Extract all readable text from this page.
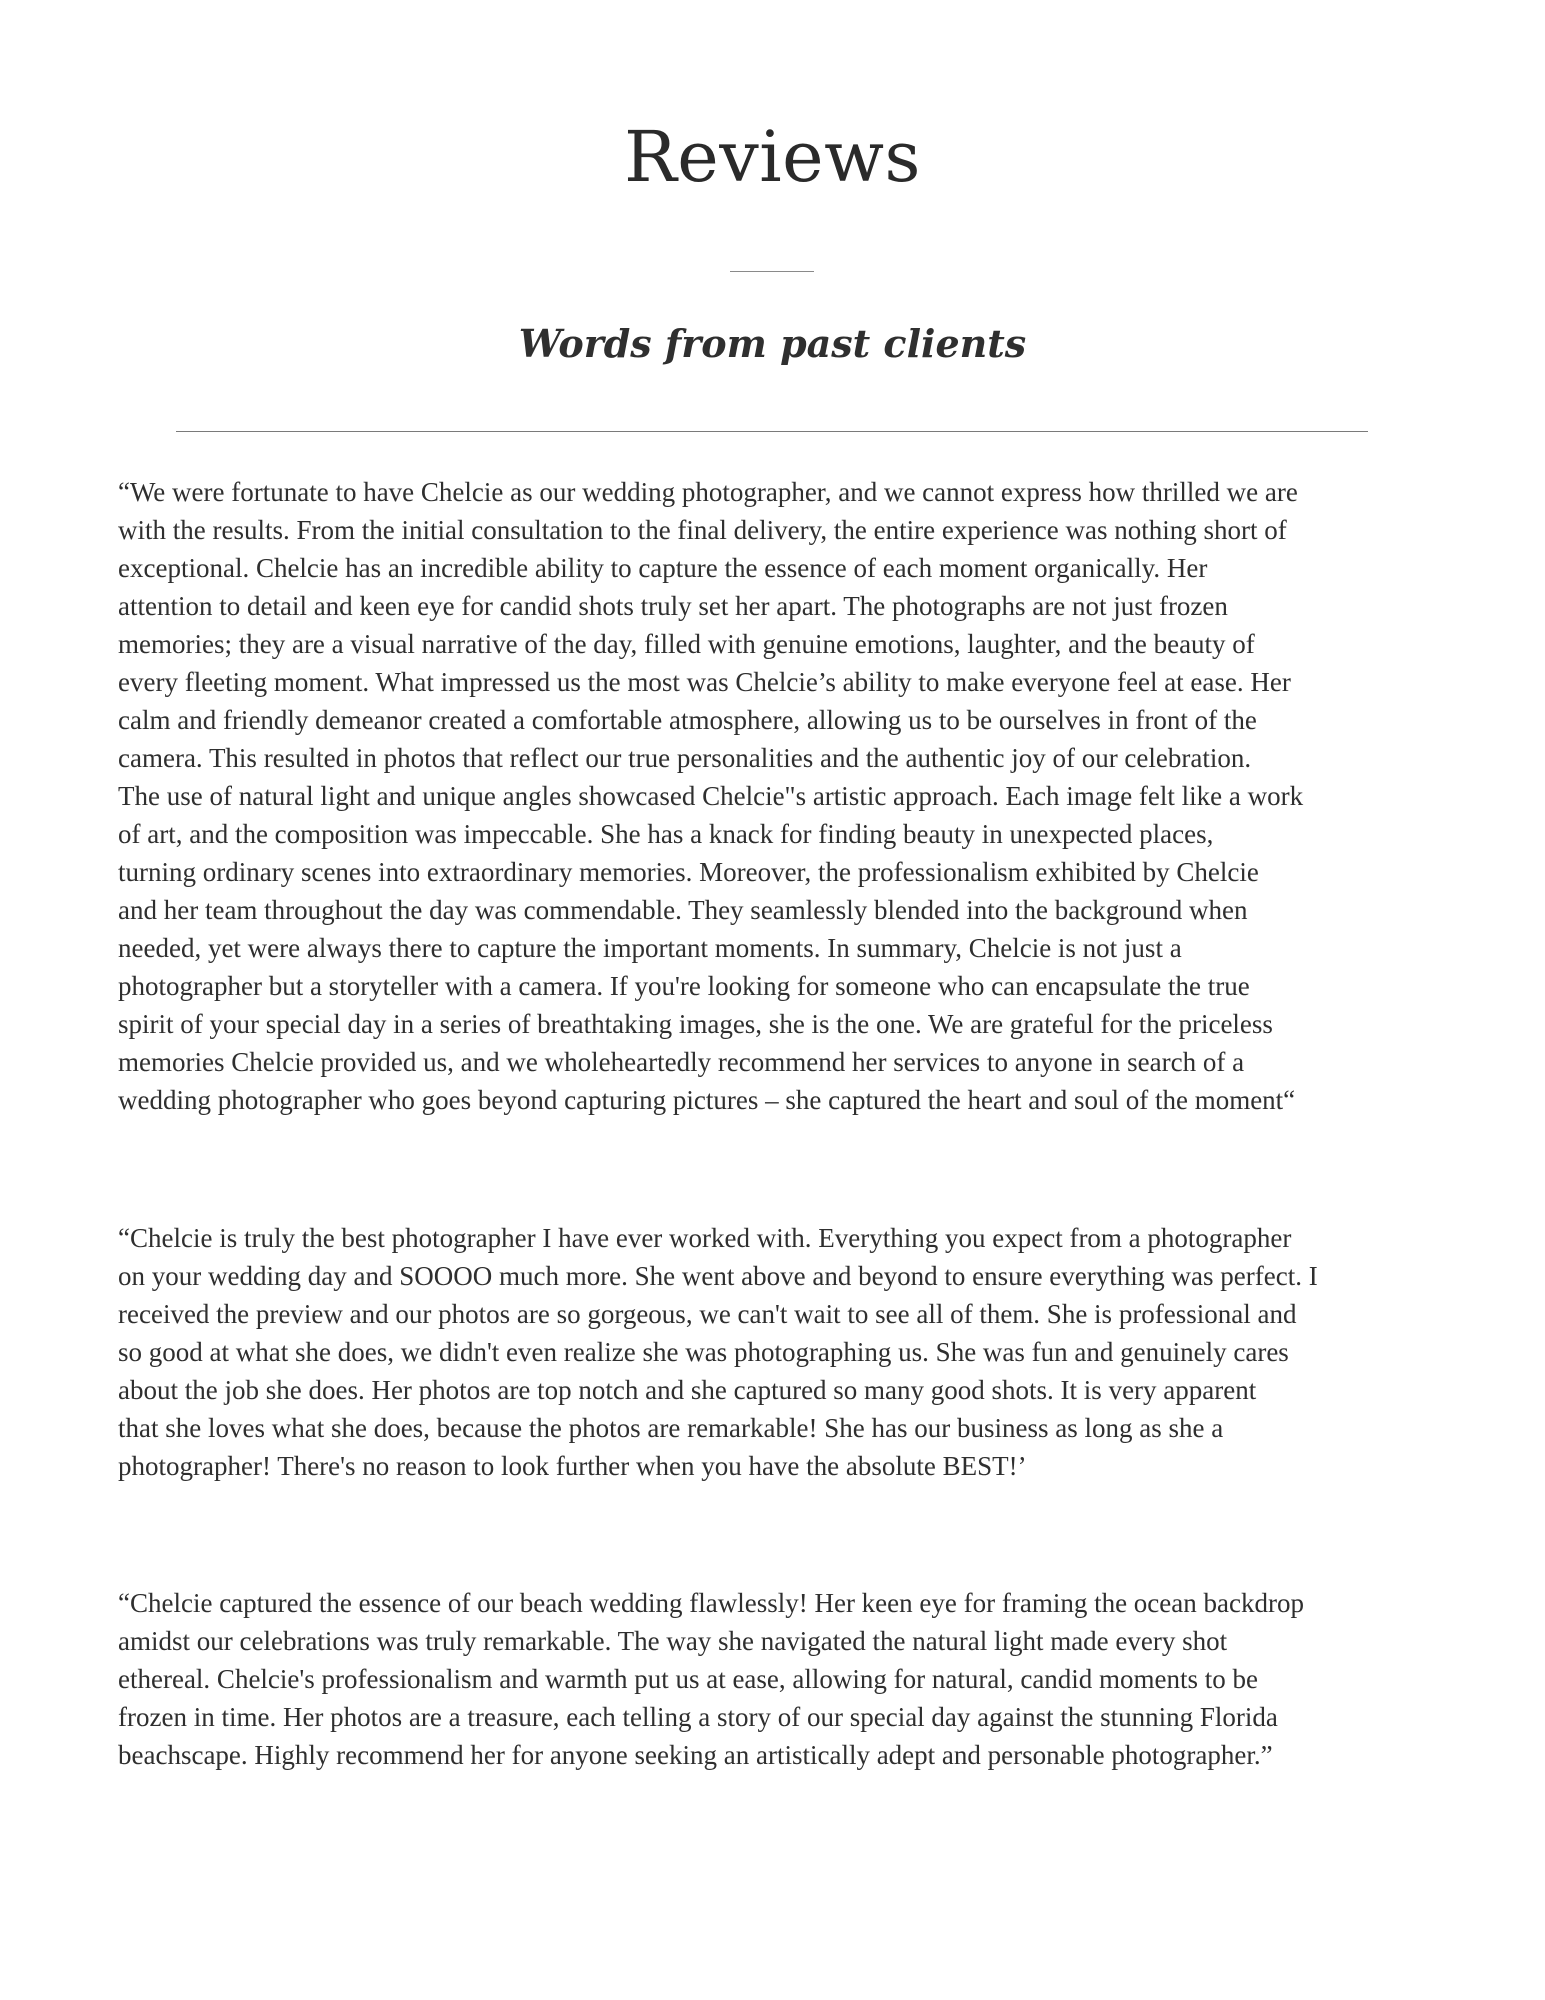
Reviews
Words from past clients

“We were fortunate to have Chelcie as our wedding photographer, and we cannot express how thrilled we are
with the results. From the initial consultation to the final delivery, the entire experience was nothing short of
exceptional. Chelcie has an incredible ability to capture the essence of each moment organically. Her
attention to detail and keen eye for candid shots truly set her apart. The photographs are not just frozen
memories; they are a visual narrative of the day, filled with genuine emotions, laughter, and the beauty of
every fleeting moment. What impressed us the most was Chelcie’s ability to make everyone feel at ease. Her
calm and friendly demeanor created a comfortable atmosphere, allowing us to be ourselves in front of the
camera. This resulted in photos that reflect our true personalities and the authentic joy of our celebration.
The use of natural light and unique angles showcased Chelcie"s artistic approach. Each image felt like a work
of art, and the composition was impeccable. She has a knack for finding beauty in unexpected places,
turning ordinary scenes into extraordinary memories. Moreover, the professionalism exhibited by Chelcie
and her team throughout the day was commendable. They seamlessly blended into the background when
needed, yet were always there to capture the important moments. In summary, Chelcie is not just a
photographer but a storyteller with a camera. If you're looking for someone who can encapsulate the true
spirit of your special day in a series of breathtaking images, she is the one. We are grateful for the priceless
memories Chelcie provided us, and we wholeheartedly recommend her services to anyone in search of a
wedding photographer who goes beyond capturing pictures – she captured the heart and soul of the moment“

“Chelcie is truly the best photographer I have ever worked with. Everything you expect from a photographer
on your wedding day and SOOOO much more. She went above and beyond to ensure everything was perfect. I
received the preview and our photos are so gorgeous, we can't wait to see all of them. She is professional and
so good at what she does, we didn't even realize she was photographing us. She was fun and genuinely cares
about the job she does. Her photos are top notch and she captured so many good shots. It is very apparent
that she loves what she does, because the photos are remarkable! She has our business as long as she a
photographer! There's no reason to look further when you have the absolute BEST!’

“Chelcie captured the essence of our beach wedding flawlessly! Her keen eye for framing the ocean backdrop
amidst our celebrations was truly remarkable. The way she navigated the natural light made every shot
ethereal. Chelcie's professionalism and warmth put us at ease, allowing for natural, candid moments to be
frozen in time. Her photos are a treasure, each telling a story of our special day against the stunning Florida
beachscape. Highly recommend her for anyone seeking an artistically adept and personable photographer.”
